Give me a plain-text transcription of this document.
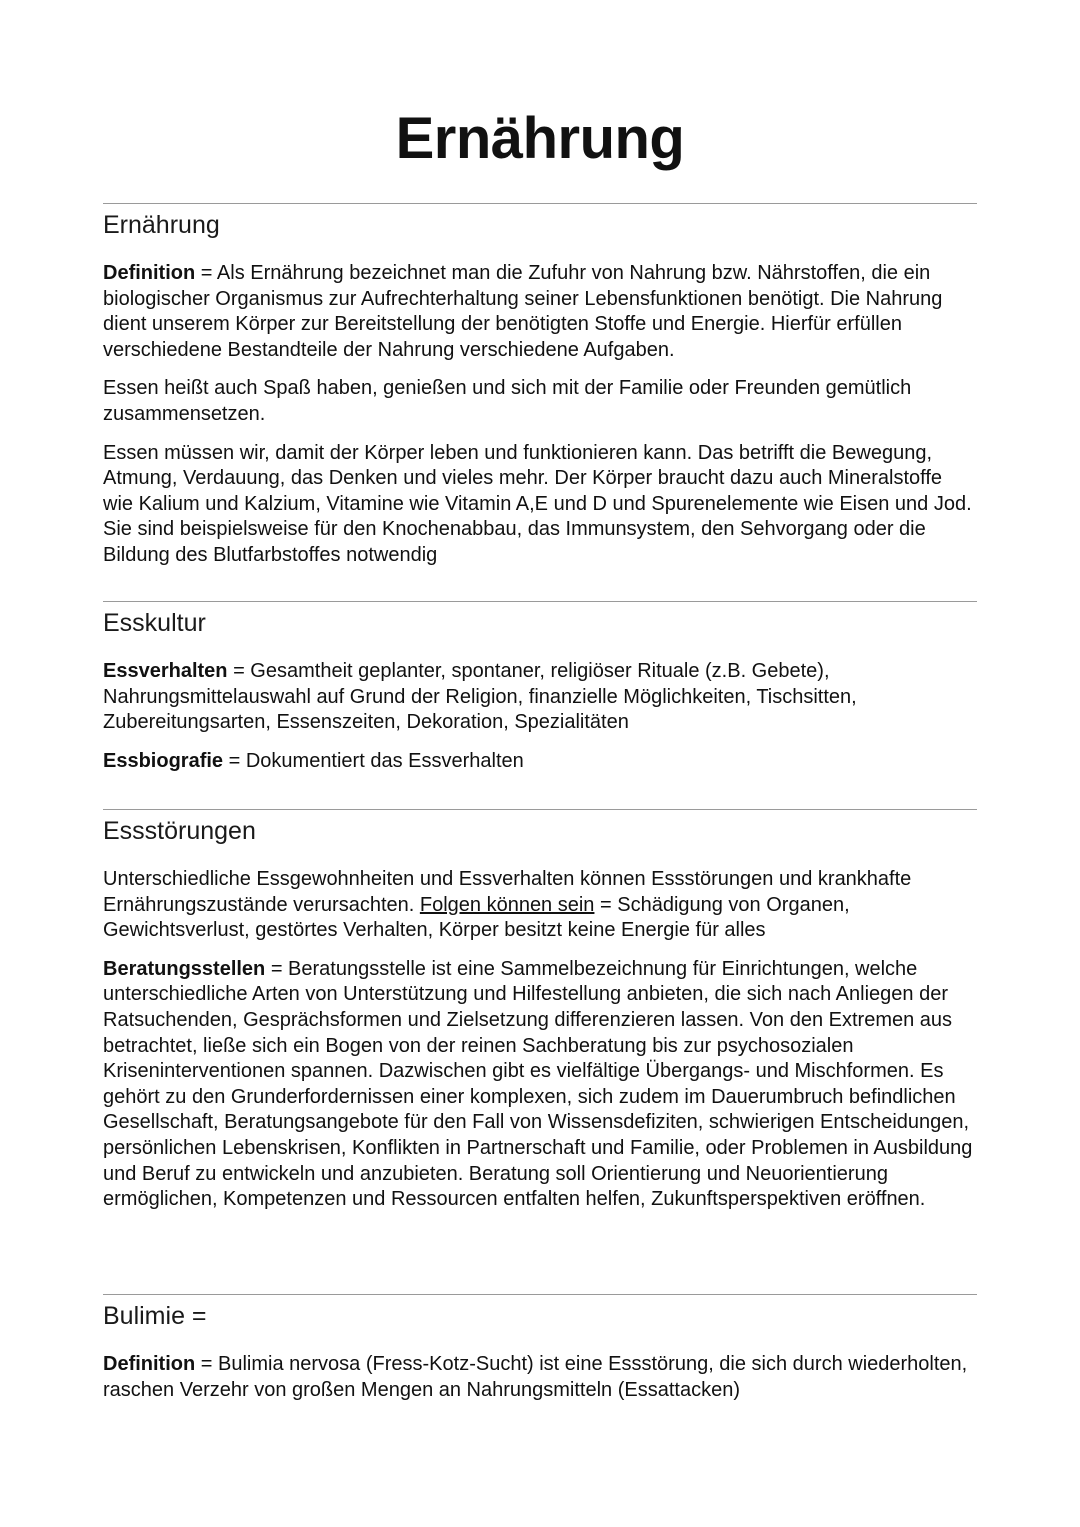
Ernährung
Ernährung

Definition = Als Ernährung bezeichnet man die Zufuhr von Nahrung bzw. Nährstoffen, die ein biologischer Organismus zur Aufrechterhaltung seiner Lebensfunktionen benötigt. Die Nahrung dient unserem Körper zur Bereitstellung der benötigten Stoffe und Energie. Hierfür erfüllen verschiedene Bestandteile der Nahrung verschiedene Aufgaben.

Essen heißt auch Spaß haben, genießen und sich mit der Familie oder Freunden gemütlich zusammensetzen.

Essen müssen wir, damit der Körper leben und funktionieren kann. Das betrifft die Bewegung, Atmung, Verdauung, das Denken und vieles mehr. Der Körper braucht dazu auch Mineralstoffe wie Kalium und Kalzium, Vitamine wie Vitamin A,E und D und Spurenelemente wie Eisen und Jod. Sie sind beispielsweise für den Knochenabbau, das Immunsystem, den Sehvorgang oder die Bildung des Blutfarbstoffes notwendig

Esskultur

Essverhalten = Gesamtheit geplanter, spontaner, religiöser Rituale (z.B. Gebete), Nahrungsmittelauswahl auf Grund der Religion, finanzielle Möglichkeiten, Tischsitten, Zubereitungsarten, Essenszeiten, Dekoration, Spezialitäten

Essbiografie = Dokumentiert das Essverhalten

Essstörungen

Unterschiedliche Essgewohnheiten und Essverhalten können Essstörungen und krankhafte Ernährungszustände verursachten. Folgen können sein = Schädigung von Organen, Gewichtsverlust, gestörtes Verhalten, Körper besitzt keine Energie für alles

Beratungsstellen = Beratungsstelle ist eine Sammelbezeichnung für Einrichtungen, welche unterschiedliche Arten von Unterstützung und Hilfestellung anbieten, die sich nach Anliegen der Ratsuchenden, Gesprächsformen und Zielsetzung differenzieren lassen. Von den Extremen aus betrachtet, ließe sich ein Bogen von der reinen Sachberatung bis zur psychosozialen Kriseninterventionen spannen. Dazwischen gibt es vielfältige Übergangs- und Mischformen. Es gehört zu den Grunderfordernissen einer komplexen, sich zudem im Dauerumbruch befindlichen Gesellschaft, Beratungsangebote für den Fall von Wissensdefiziten, schwierigen Entscheidungen, persönlichen Lebenskrisen, Konflikten in Partnerschaft und Familie, oder Problemen in Ausbildung und Beruf zu entwickeln und anzubieten. Beratung soll Orientierung und Neuorientierung ermöglichen, Kompetenzen und Ressourcen entfalten helfen, Zukunftsperspektiven eröffnen.

Bulimie =

Definition = Bulimia nervosa (Fress-Kotz-Sucht) ist eine Essstörung, die sich durch wiederholten, raschen Verzehr von großen Mengen an Nahrungsmitteln (Essattacken)
